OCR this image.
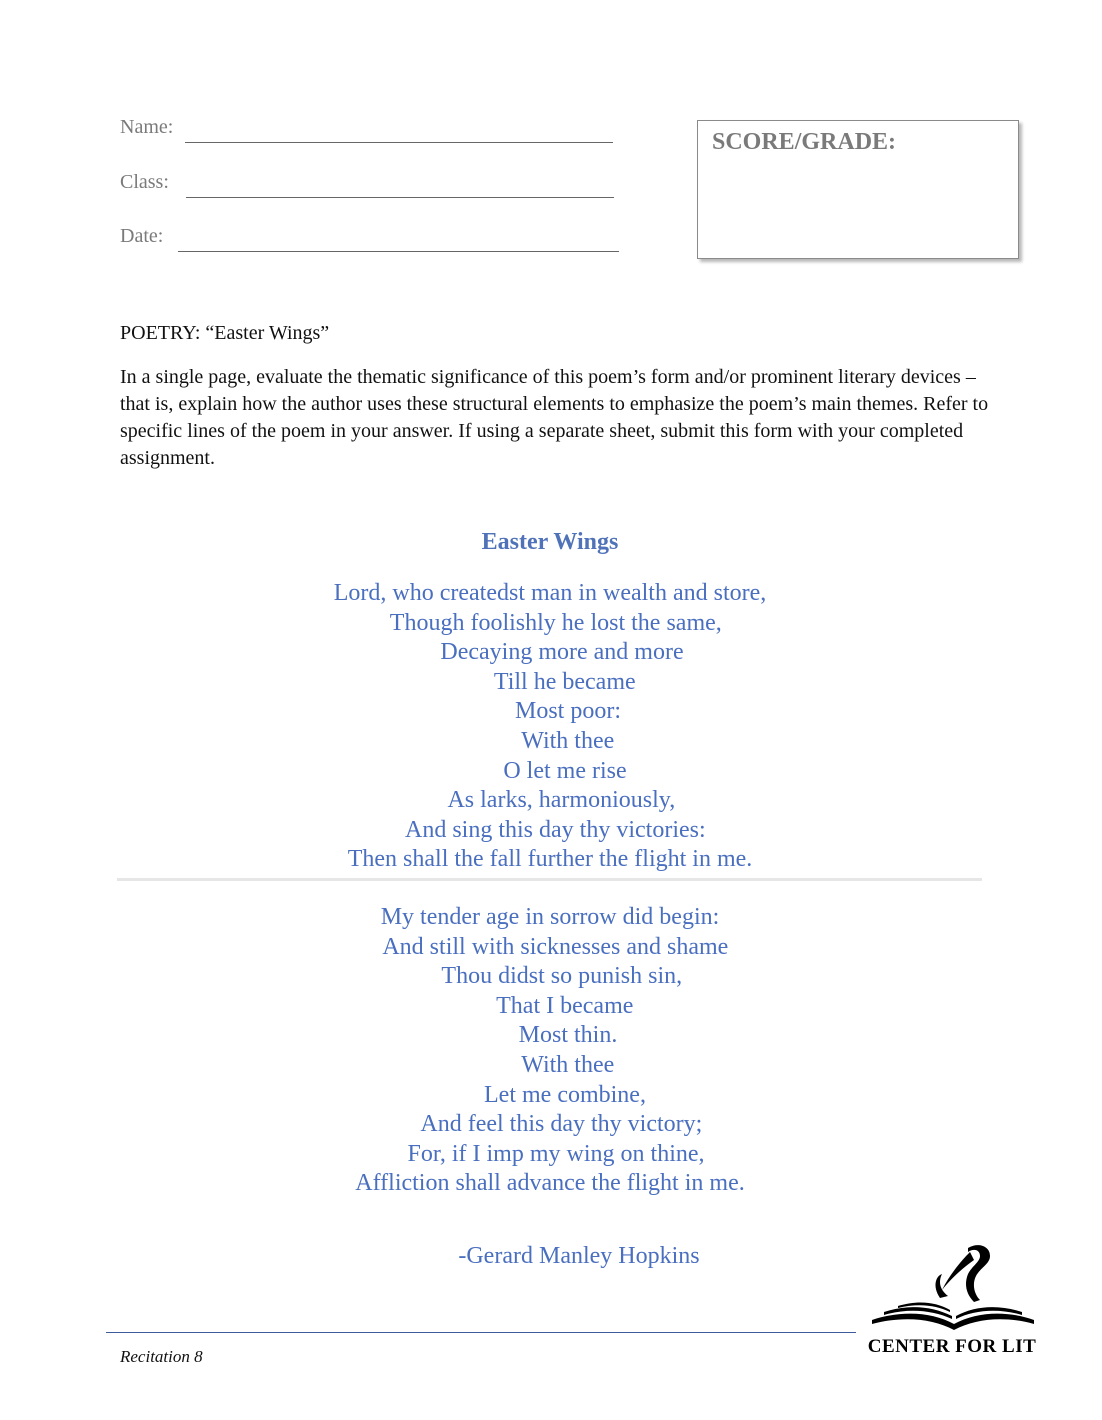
Name:
Class:
Date:
SCORE/GRADE:
POETRY: “Easter Wings”
In a single page, evaluate the thematic significance of this poem’s form and/or prominent literary devices – that is, explain how the author uses these structural elements to emphasize the poem’s main themes. Refer to specific lines of the poem in your answer. If using a separate sheet, submit this form with your completed assignment.
Easter Wings
Lord, who createdst man in wealth and store,
Though foolishly he lost the same,
Decaying more and more
Till he became
Most poor:
With thee
O let me rise
As larks, harmoniously,
And sing this day thy victories:
Then shall the fall further the flight in me.
My tender age in sorrow did begin:
And still with sicknesses and shame
Thou didst so punish sin,
That I became
Most thin.
With thee
Let me combine,
And feel this day thy victory;
For, if I imp my wing on thine,
Affliction shall advance the flight in me.
-Gerard Manley Hopkins
Recitation 8	CENTER FOR LIT
